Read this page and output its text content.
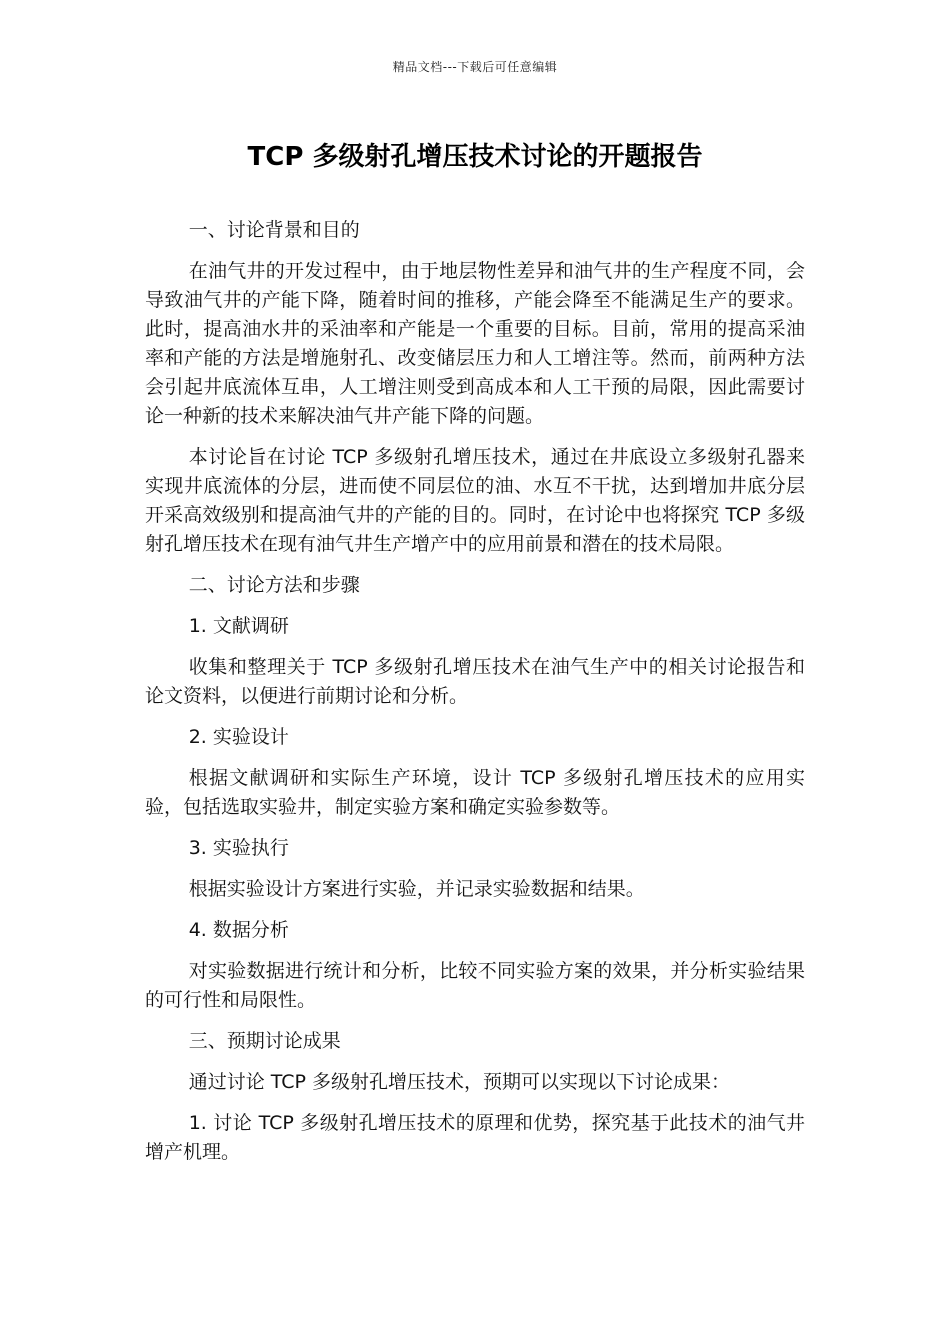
精品文档---下载后可任意编辑
TCP 多级射孔增压技术讨论的开题报告

一、讨论背景和目的

在油气井的开发过程中，由于地层物性差异和油气井的生产程度不同，会导致油气井的产能下降，随着时间的推移，产能会降至不能满足生产的要求。此时，提高油水井的采油率和产能是一个重要的目标。目前，常用的提高采油率和产能的方法是增施射孔、改变储层压力和人工增注等。然而，前两种方法会引起井底流体互串，人工增注则受到高成本和人工干预的局限，因此需要讨论一种新的技术来解决油气井产能下降的问题。

本讨论旨在讨论 TCP 多级射孔增压技术，通过在井底设立多级射孔器来实现井底流体的分层，进而使不同层位的油、水互不干扰，达到增加井底分层开采高效级别和提高油气井的产能的目的。同时，在讨论中也将探究 TCP 多级射孔增压技术在现有油气井生产增产中的应用前景和潜在的技术局限。

二、讨论方法和步骤

1. 文献调研

收集和整理关于 TCP 多级射孔增压技术在油气生产中的相关讨论报告和论文资料，以便进行前期讨论和分析。

2. 实验设计

根据文献调研和实际生产环境，设计 TCP 多级射孔增压技术的应用实验，包括选取实验井，制定实验方案和确定实验参数等。

3. 实验执行

根据实验设计方案进行实验，并记录实验数据和结果。

4. 数据分析

对实验数据进行统计和分析，比较不同实验方案的效果，并分析实验结果的可行性和局限性。

三、预期讨论成果

通过讨论 TCP 多级射孔增压技术，预期可以实现以下讨论成果：

1. 讨论 TCP 多级射孔增压技术的原理和优势，探究基于此技术的油气井增产机理。
